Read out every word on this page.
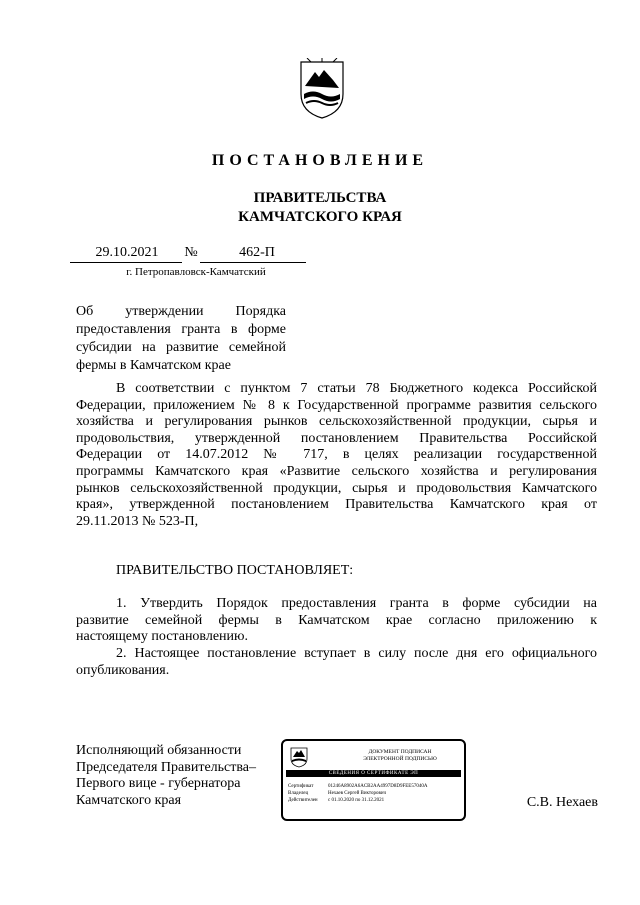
ПОСТАНОВЛЕНИЕ
ПРАВИТЕЛЬСТВА
КАМЧАТСКОГО КРАЯ
29.10.2021	№	462-П
г. Петропавловск-Камчатский
Об утверждении Порядка
предоставления гранта в форме
субсидии на развитие семейной
фермы в Камчатском крае
В соответствии с пунктом 7 статьи 78 Бюджетного кодекса Российской
Федерации, приложением № 8 к Государственной программе развития сельского
хозяйства и регулирования рынков сельскохозяйственной продукции, сырья и
продовольствия, утвержденной постановлением Правительства Российской
Федерации от 14.07.2012 № 717, в целях реализации государственной
программы Камчатского края «Развитие сельского хозяйства и регулирования
рынков сельскохозяйственной продукции, сырья и продовольствия Камчатского
края», утвержденной постановлением Правительства Камчатского края от
29.11.2013 № 523-П,
ПРАВИТЕЛЬСТВО ПОСТАНОВЛЯЕТ:
1. Утвердить Порядок предоставления гранта в форме субсидии на
развитие семейной фермы в Камчатском крае согласно приложению к
настоящему постановлению.
2. Настоящее постановление вступает в силу после дня его официального
опубликования.
Исполняющий обязанности
Председателя Правительства–
Первого вице - губернатора
Камчатского края
ДОКУМЕНТ ПОДПИСАН
ЭЛЕКТРОННОЙ ПОДПИСЬЮ
СВЕДЕНИЯ О СЕРТИФИКАТЕ ЭП
Сертификат	01246A8902A6ACB2AA4997D8D9FEE57040A
Владелец	Нехаев Сергей Викторович
Действителен с 01.10.2020 по 31.12.2021	С.В. Нехаев
